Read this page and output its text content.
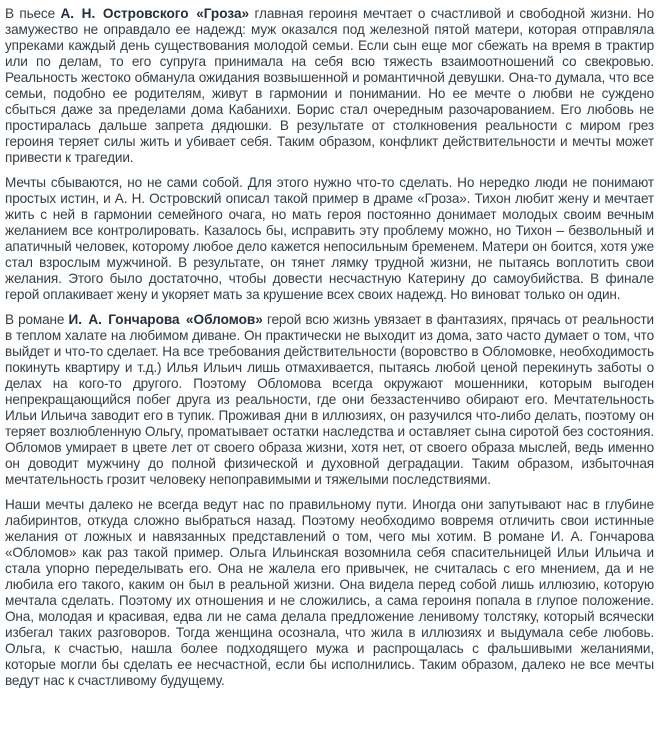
В пьесе А. Н. Островского «Гроза» главная героиня мечтает о счастливой и свободной жизни. Но замужество не оправдало ее надежд: муж оказался под железной пятой матери, которая отправляла упреками каждый день существования молодой семьи. Если сын еще мог сбежать на время в трактир или по делам, то его супруга принимала на себя всю тяжесть взаимоотношений со свекровью. Реальность жестоко обманула ожидания возвышенной и романтичной девушки. Она-то думала, что все семьи, подобно ее родителям, живут в гармонии и понимании. Но ее мечте о любви не суждено сбыться даже за пределами дома Кабанихи. Борис стал очередным разочарованием. Его любовь не простиралась дальше запрета дядюшки. В результате от столкновения реальности с миром грез героиня теряет силы жить и убивает себя. Таким образом, конфликт действительности и мечты может привести к трагедии.

Мечты сбываются, но не сами собой. Для этого нужно что-то сделать. Но нередко люди не понимают простых истин, и А. Н. Островский описал такой пример в драме «Гроза». Тихон любит жену и мечтает жить с ней в гармонии семейного очага, но мать героя постоянно донимает молодых своим вечным желанием все контролировать. Казалось бы, исправить эту проблему можно, но Тихон – безвольный и апатичный человек, которому любое дело кажется непосильным бременем. Матери он боится, хотя уже стал взрослым мужчиной. В результате, он тянет лямку трудной жизни, не пытаясь воплотить свои желания. Этого было достаточно, чтобы довести несчастную Катерину до самоубийства. В финале герой оплакивает жену и укоряет мать за крушение всех своих надежд. Но виноват только он один.

В романе И. А. Гончарова «Обломов» герой всю жизнь увязает в фантазиях, прячась от реальности в теплом халате на любимом диване. Он практически не выходит из дома, зато часто думает о том, что выйдет и что-то сделает. На все требования действительности (воровство в Обломовке, необходимость покинуть квартиру и т.д.) Илья Ильич лишь отмахивается, пытаясь любой ценой перекинуть заботы о делах на кого-то другого. Поэтому Обломова всегда окружают мошенники, которым выгоден непрекращающийся побег друга из реальности, где они беззастенчиво обирают его. Мечтательность Ильи Ильича заводит его в тупик. Проживая дни в иллюзиях, он разучился что-либо делать, поэтому он теряет возлюбленную Ольгу, проматывает остатки наследства и оставляет сына сиротой без состояния. Обломов умирает в цвете лет от своего образа жизни, хотя нет, от своего образа мыслей, ведь именно он доводит мужчину до полной физической и духовной деградации. Таким образом, избыточная мечтательность грозит человеку непоправимыми и тяжелыми последствиями.

Наши мечты далеко не всегда ведут нас по правильному пути. Иногда они запутывают нас в глубине лабиринтов, откуда сложно выбраться назад. Поэтому необходимо вовремя отличить свои истинные желания от ложных и навязанных представлений о том, чего мы хотим. В романе И. А. Гончарова «Обломов» как раз такой пример. Ольга Ильинская возомнила себя спасительницей Ильи Ильича и стала упорно переделывать его. Она не жалела его привычек, не считалась с его мнением, да и не любила его такого, каким он был в реальной жизни. Она видела перед собой лишь иллюзию, которую мечтала сделать. Поэтому их отношения и не сложились, а сама героиня попала в глупое положение. Она, молодая и красивая, едва ли не сама делала предложение ленивому толстяку, который всячески избегал таких разговоров. Тогда женщина осознала, что жила в иллюзиях и выдумала себе любовь. Ольга, к счастью, нашла более подходящего мужа и распрощалась с фальшивыми желаниями, которые могли бы сделать ее несчастной, если бы исполнились. Таким образом, далеко не все мечты ведут нас к счастливому будущему.
